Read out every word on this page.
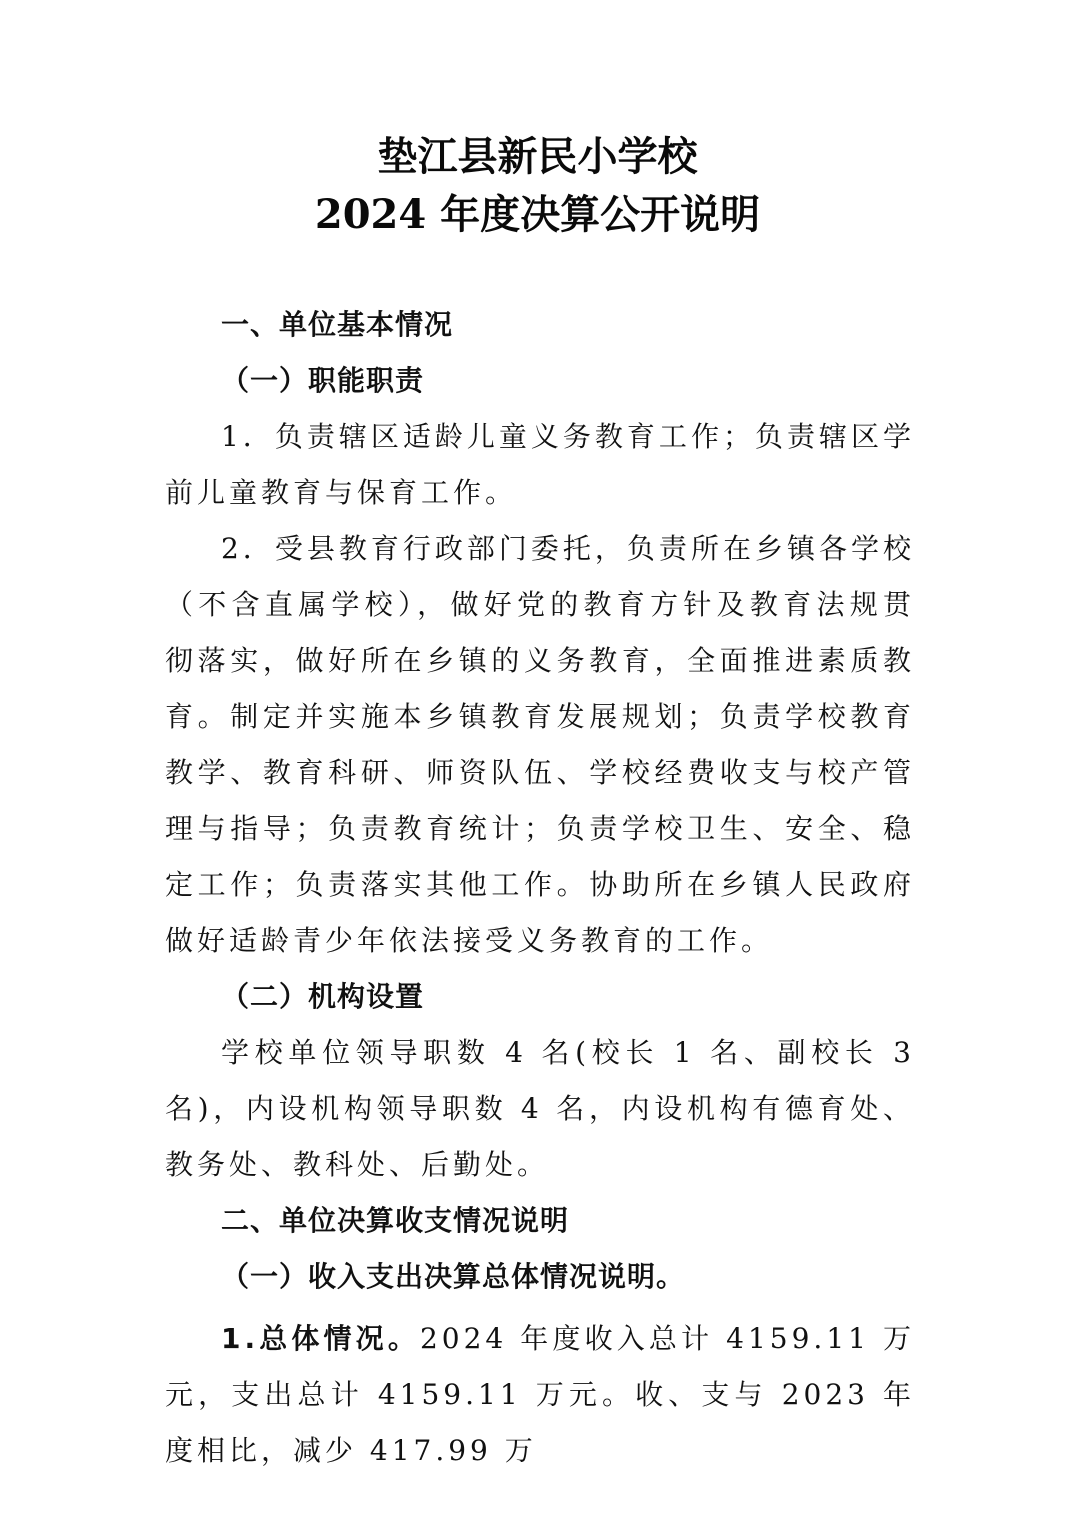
垫江县新民小学校
2024 年度决算公开说明
一、单位基本情况
（一）职能职责
1．负责辖区适龄儿童义务教育工作；负责辖区学前儿童教育与保育工作。
2．受县教育行政部门委托，负责所在乡镇各学校（不含直属学校），做好党的教育方针及教育法规贯彻落实，做好所在乡镇的义务教育，全面推进素质教育。制定并实施本乡镇教育发展规划；负责学校教育教学、教育科研、师资队伍、学校经费收支与校产管理与指导；负责教育统计；负责学校卫生、安全、稳定工作；负责落实其他工作。协助所在乡镇人民政府做好适龄青少年依法接受义务教育的工作。
（二）机构设置
学校单位领导职数 4 名(校长 1 名、副校长 3 名)，内设机构领导职数 4 名，内设机构有德育处、教务处、教科处、后勤处。
二、单位决算收支情况说明
（一）收入支出决算总体情况说明。
1.总体情况。2024 年度收入总计 4159.11 万元，支出总计 4159.11 万元。收、支与 2023 年度相比，减少 417.99 万
